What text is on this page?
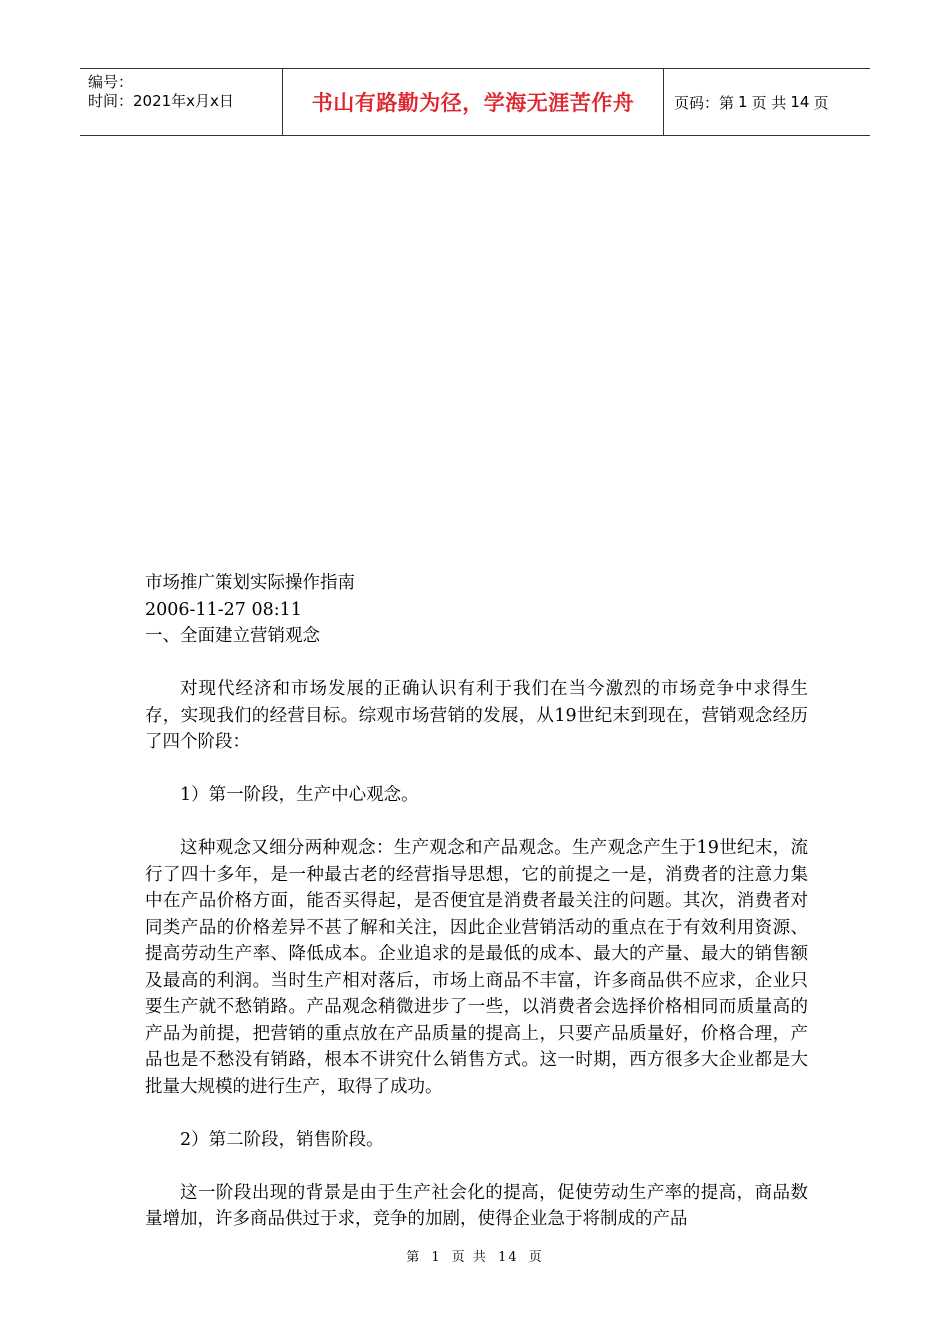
编号：
时间：2021年x月x日	书山有路勤为径，学海无涯苦作舟	页码：第 1 页 共 14 页
市场推广策划实际操作指南
2006-11-27 08:11
一、全面建立营销观念

对现代经济和市场发展的正确认识有利于我们在当今激烈的市场竞争中求得生存，实现我们的经营目标。综观市场营销的发展，从19世纪末到现在，营销观念经历了四个阶段：

1）第一阶段，生产中心观念。

这种观念又细分两种观念：生产观念和产品观念。生产观念产生于19世纪末，流行了四十多年，是一种最古老的经营指导思想，它的前提之一是，消费者的注意力集中在产品价格方面，能否买得起，是否便宜是消费者最关注的问题。其次，消费者对同类产品的价格差异不甚了解和关注，因此企业营销活动的重点在于有效利用资源、提高劳动生产率、降低成本。企业追求的是最低的成本、最大的产量、最大的销售额及最高的利润。当时生产相对落后，市场上商品不丰富，许多商品供不应求，企业只要生产就不愁销路。产品观念稍微进步了一些，以消费者会选择价格相同而质量高的产品为前提，把营销的重点放在产品质量的提高上，只要产品质量好，价格合理，产品也是不愁没有销路，根本不讲究什么销售方式。这一时期，西方很多大企业都是大批量大规模的进行生产，取得了成功。

2）第二阶段，销售阶段。

这一阶段出现的背景是由于生产社会化的提高，促使劳动生产率的提高，商品数量增加，许多商品供过于求，竞争的加剧，使得企业急于将制成的产品

第 1 页 共 14 页
